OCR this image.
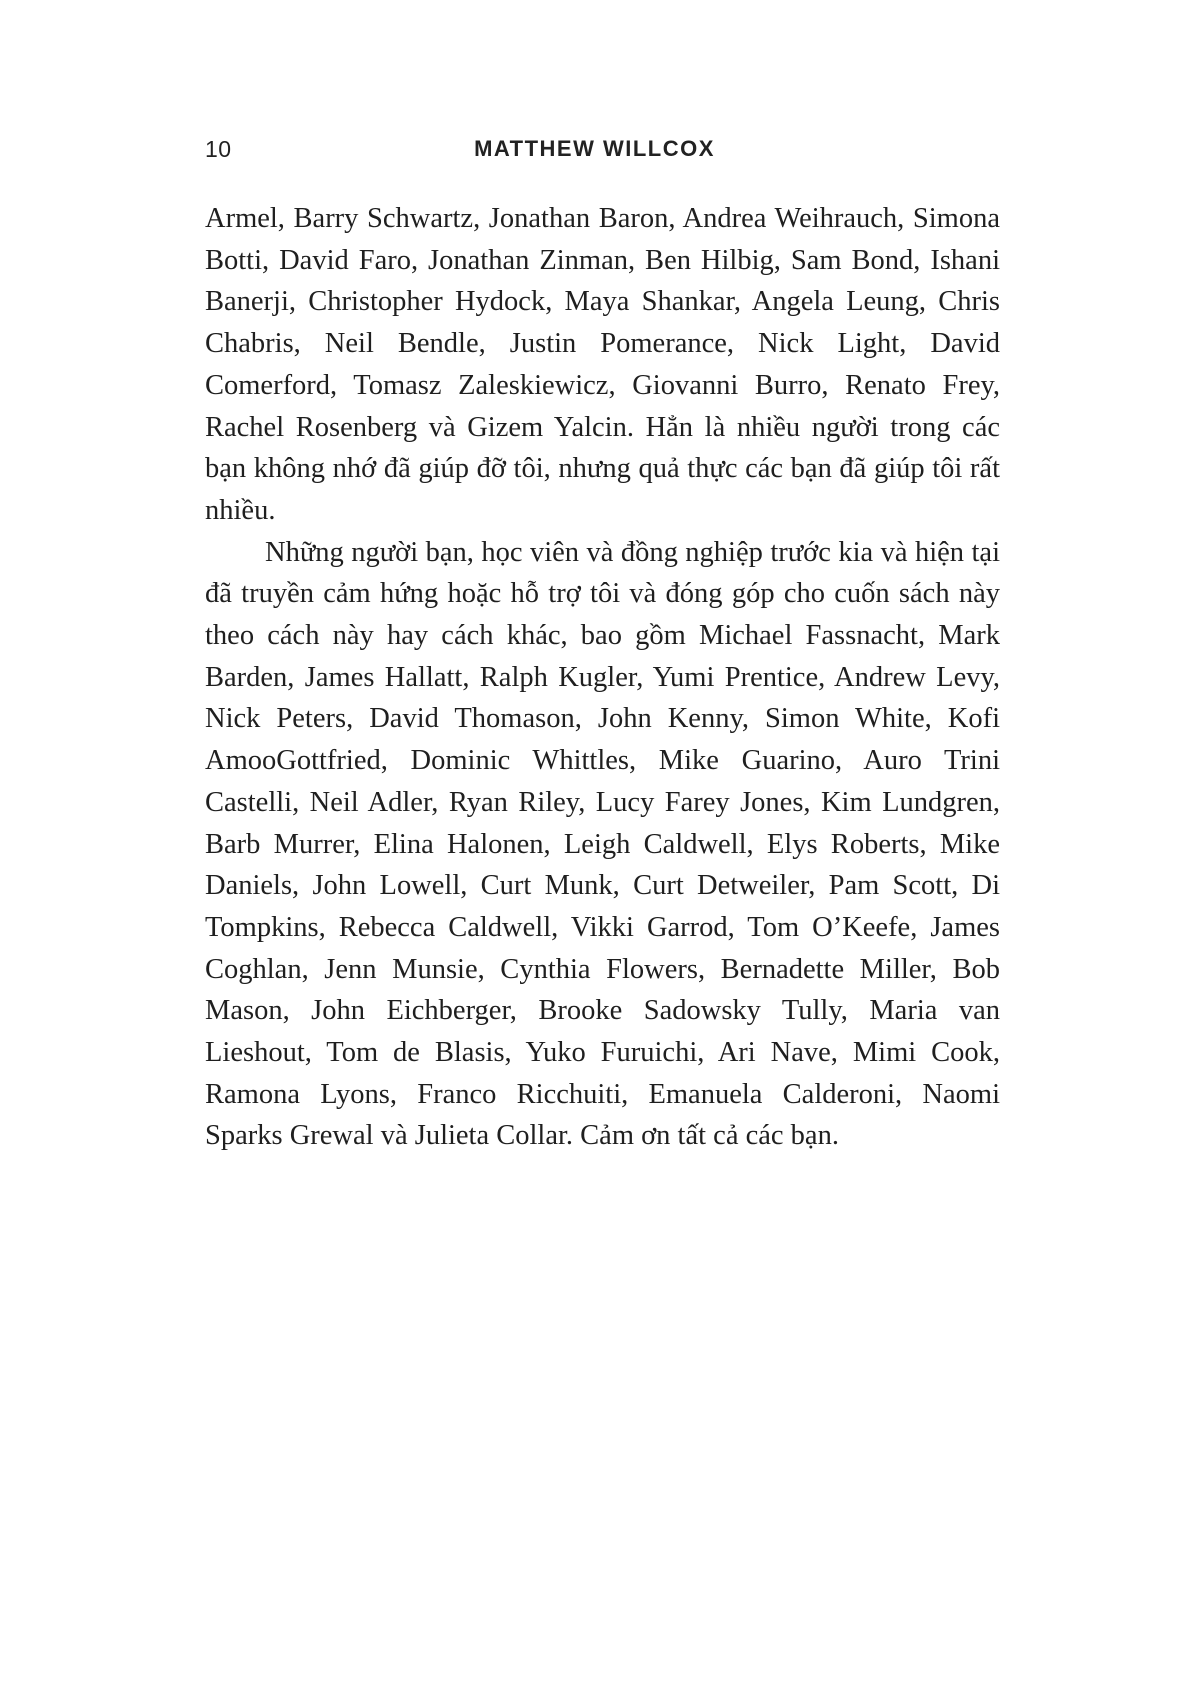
10	MATTHEW WILLCOX

Armel, Barry Schwartz, Jonathan Baron, Andrea Weihrauch, Simona Botti, David Faro, Jonathan Zinman, Ben Hilbig, Sam Bond, Ishani Banerji, Christopher Hydock, Maya Shankar, Angela Leung, Chris Chabris, Neil Bendle, Justin Pomerance, Nick Light, David Comerford, Tomasz Zaleskiewicz, Giovanni Burro, Renato Frey, Rachel Rosenberg và Gizem Yalcin. Hẳn là nhiều người trong các bạn không nhớ đã giúp đỡ tôi, nhưng quả thực các bạn đã giúp tôi rất nhiều.

Những người bạn, học viên và đồng nghiệp trước kia và hiện tại đã truyền cảm hứng hoặc hỗ trợ tôi và đóng góp cho cuốn sách này theo cách này hay cách khác, bao gồm Michael Fassnacht, Mark Barden, James Hallatt, Ralph Kugler, Yumi Prentice, Andrew Levy, Nick Peters, David Thomason, John Kenny, Simon White, Kofi AmooGottfried, Dominic Whittles, Mike Guarino, Auro Trini Castelli, Neil Adler, Ryan Riley, Lucy Farey Jones, Kim Lundgren, Barb Murrer, Elina Halonen, Leigh Caldwell, Elys Roberts, Mike Daniels, John Lowell, Curt Munk, Curt Detweiler, Pam Scott, Di Tompkins, Rebecca Caldwell, Vikki Garrod, Tom O’Keefe, James Coghlan, Jenn Munsie, Cynthia Flowers, Bernadette Miller, Bob Mason, John Eichberger, Brooke Sadowsky Tully, Maria van Lieshout, Tom de Blasis, Yuko Furuichi, Ari Nave, Mimi Cook, Ramona Lyons, Franco Ricchuiti, Emanuela Calderoni, Naomi Sparks Grewal và Julieta Collar. Cảm ơn tất cả các bạn.
